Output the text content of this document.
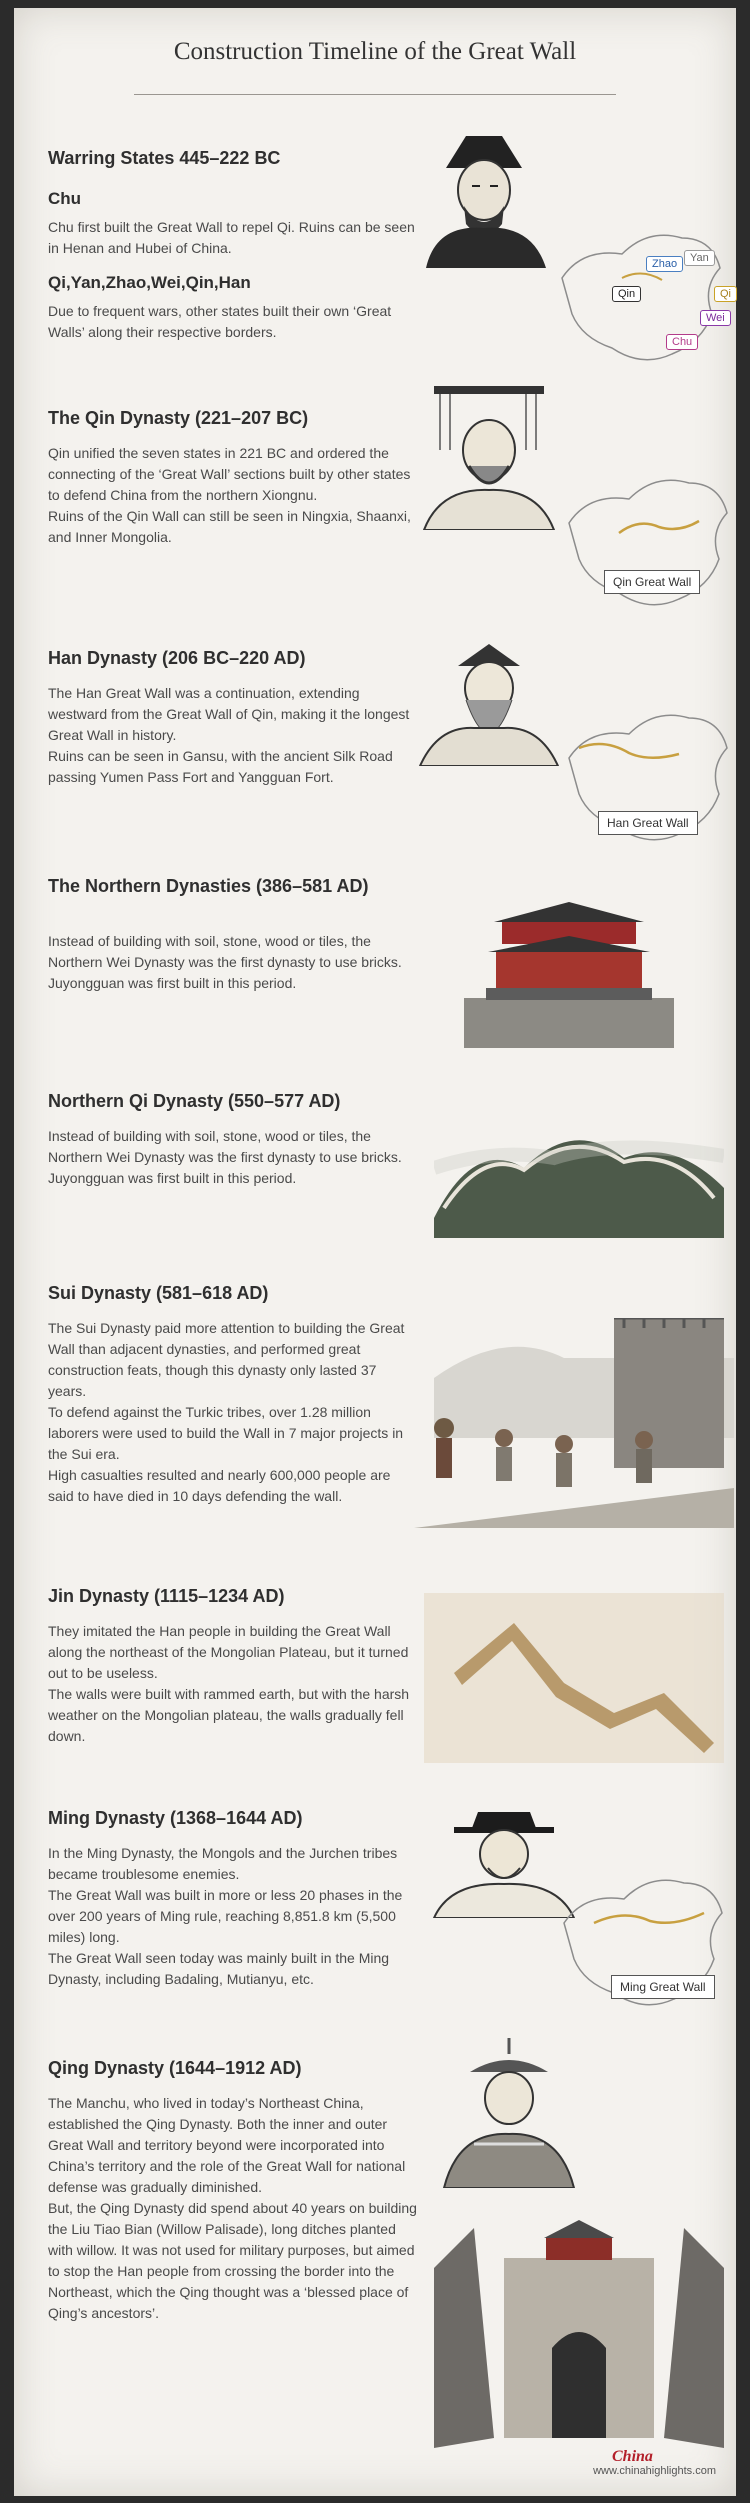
Construction Timeline of the Great Wall
Warring States 445–222 BC
Chu

Chu first built the Great Wall to repel Qi. Ruins can be seen in Henan and Hubei of China.

Qi,Yan,Zhao,Wei,Qin,Han

Due to frequent wars, other states built their own ‘Great Walls’ along their respective borders.

Zhao	Yan
Qin	Qi
Wei
Chu
The Qin Dynasty (221–207 BC)

Qin unified the seven states in 221 BC and ordered the connecting of the ‘Great Wall’ sections built by other states to defend China from the northern Xiongnu.

Ruins of the Qin Wall can still be seen in Ningxia, Shaanxi, and Inner Mongolia.

Qin Great Wall
Han Dynasty (206 BC–220 AD)

The Han Great Wall was a continuation, extending westward from the Great Wall of Qin, making it the longest Great Wall in history.

Ruins can be seen in Gansu, with the ancient Silk Road passing Yumen Pass Fort and Yangguan Fort.

Han Great Wall
The Northern Dynasties (386–581 AD)

Instead of building with soil, stone, wood or tiles, the Northern Wei Dynasty was the first dynasty to use bricks.

Juyongguan was first built in this period.

Northern Qi Dynasty (550–577 AD)

Instead of building with soil, stone, wood or tiles, the Northern Wei Dynasty was the first dynasty to use bricks.

Juyongguan was first built in this period.

Sui Dynasty (581–618 AD)

The Sui Dynasty paid more attention to building the Great Wall than adjacent dynasties, and performed great construction feats, though this dynasty only lasted 37 years.

To defend against the Turkic tribes, over 1.28 million laborers were used to build the Wall in 7 major projects in the Sui era.

High casualties resulted and nearly 600,000 people are said to have died in 10 days defending the wall.

Jin Dynasty (1115–1234 AD)

They imitated the Han people in building the Great Wall along the northeast of the Mongolian Plateau, but it turned out to be useless.

The walls were built with rammed earth, but with the harsh weather on the Mongolian plateau, the walls gradually fell down.

Ming Dynasty (1368–1644 AD)

In the Ming Dynasty, the Mongols and the Jurchen tribes became troublesome enemies.

The Great Wall was built in more or less 20 phases in the over 200 years of Ming rule, reaching 8,851.8 km (5,500 miles) long.

The Great Wall seen today was mainly built in the Ming Dynasty, including Badaling, Mutianyu, etc.	Ming Great Wall
Qing Dynasty (1644–1912 AD)

The Manchu, who lived in today’s Northeast China, established the Qing Dynasty. Both the inner and outer Great Wall and territory beyond were incorporated into China’s territory and the role of the Great Wall for national defense was gradually diminished.

But, the Qing Dynasty did spend about 40 years on building the Liu Tiao Bian (Willow Palisade), long ditches planted with willow. It was not used for military purposes, but aimed to stop the Han people from crossing the border into the Northeast, which the Qing thought was a ‘blessed place of Qing’s ancestors’.

China
www.chinahighlights.com
